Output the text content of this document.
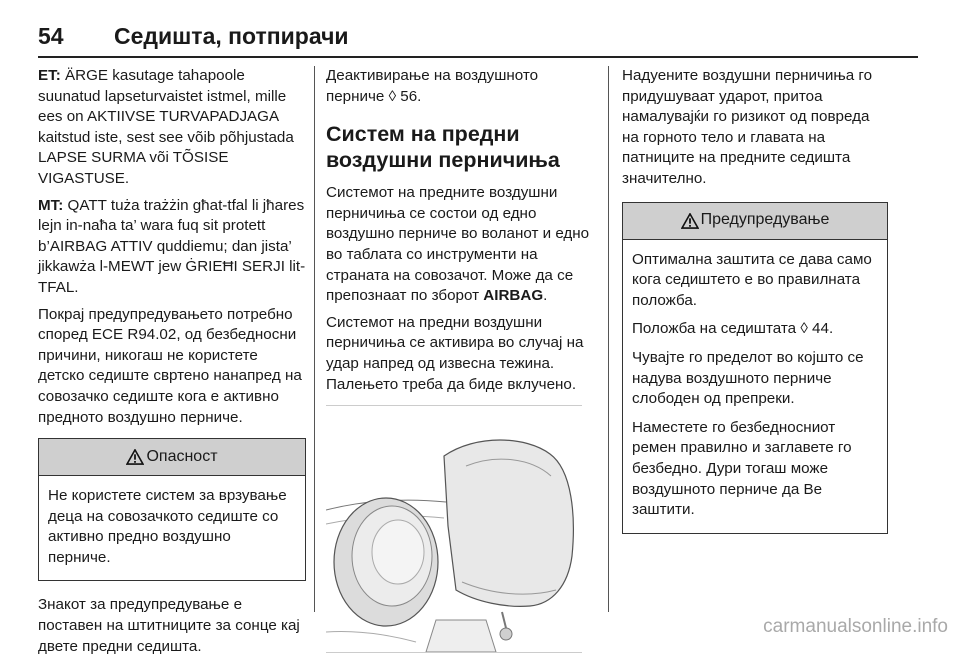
54	Седишта, потпирачи

ET: ÄRGE kasutage tahapoole suunatud lapseturvaistet istmel, mille ees on AKTIIVSE TURVAPADJAGA kaitstud iste, sest see võib põhjustada LAPSE SURMA või TÕSISE VIGASTUSE.

MT: QATT tuża trażżin għat-tfal li jħares lejn in-naħa ta’ wara fuq sit protett b’AIRBAG ATTIV quddiemu; dan jista’ jikkawża l-MEWT jew ĠRIEĦI SERJI lit-TFAL.

Покрај предупредувањето потребно според ECE R94.02, од безбедносни причини, никогаш не користете детско седиште свртено нанапред на совозачко седиште кога е активно предното воздушно перниче.

Опасност

Не користете систем за врзување деца на совозачкото седиште со активно предно воздушно перниче.

Знакот за предупредување е поставен на штитниците за сонце кај двете предни седишта.

Деактивирање на воздушното перниче ◊ 56.

Систем на предни воздушни перничиња

Системот на предните воздушни перничиња се состои од едно воздушно перниче во воланот и едно во таблата со инструменти на страната на совозачот. Може да се препознаат по зборот AIRBAG.

Системот на предни воздушни перничиња се активира во случај на удар напред од извесна тежина. Палењето треба да биде вклучено.

Надуените воздушни перничиња го придушуваат ударот, притоа намалувајќи го ризикот од повреда на горното тело и главата на патниците на предните седишта значително.

Предупредување

Оптимална заштита се дава само кога седиштето е во правилната положба.

Положба на седиштата ◊ 44.

Чувајте го пределот во којшто се надува воздушното перниче слободен од препреки.

Наместете го безбедносниот ремен правилно и заглавете го безбедно. Дури тогаш може воздушното перниче да Ве заштити.

carmanualsonline.info
